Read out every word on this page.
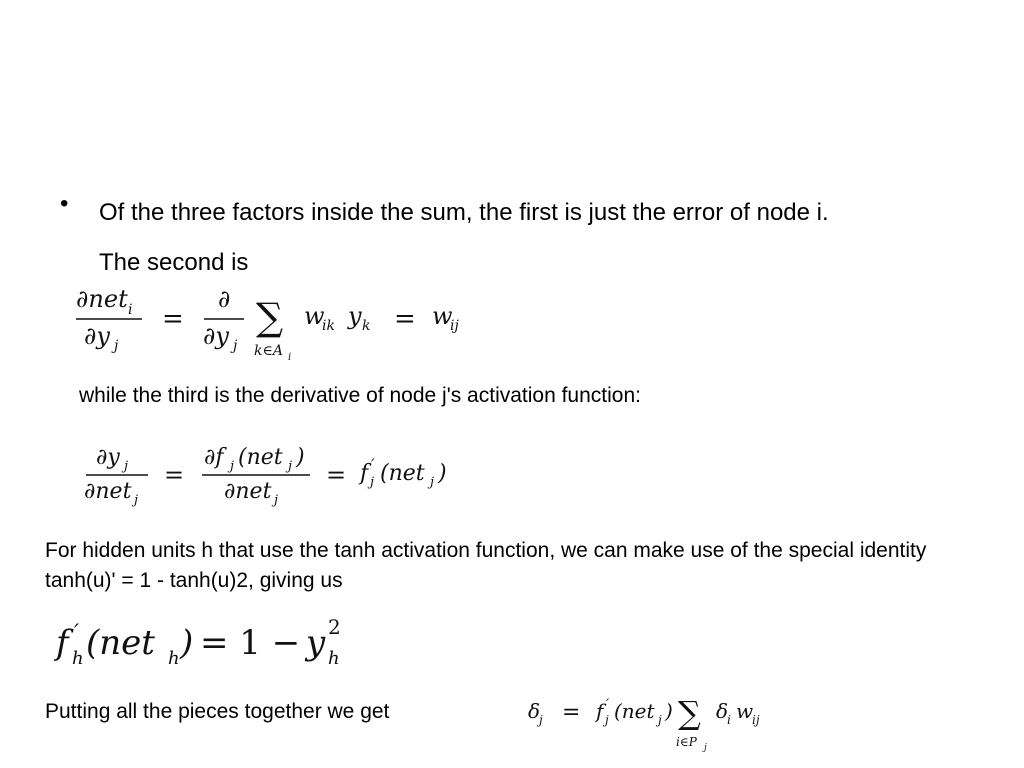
• Of the three factors inside the sum, the first is just the error of node i.
The second is
∂net i
∂y j
=
∂
∂y j
∑
k∈A i
w
ik y k = w
ij
while the third is the derivative of node j's activation function:
∂y j
∂net j
=
∂f j (net j )
∂net j
= f ′
j (net j )
For hidden units h that use the tanh activation function, we can make use of the special identity tanh(u)' = 1 - tanh(u)2, giving us
f ′
h (net h ) = 1 − y 2
h
Putting all the pieces together we get	δ
j = f ′
j (net j ) ∑
i∈P j
δ
i w
ij
